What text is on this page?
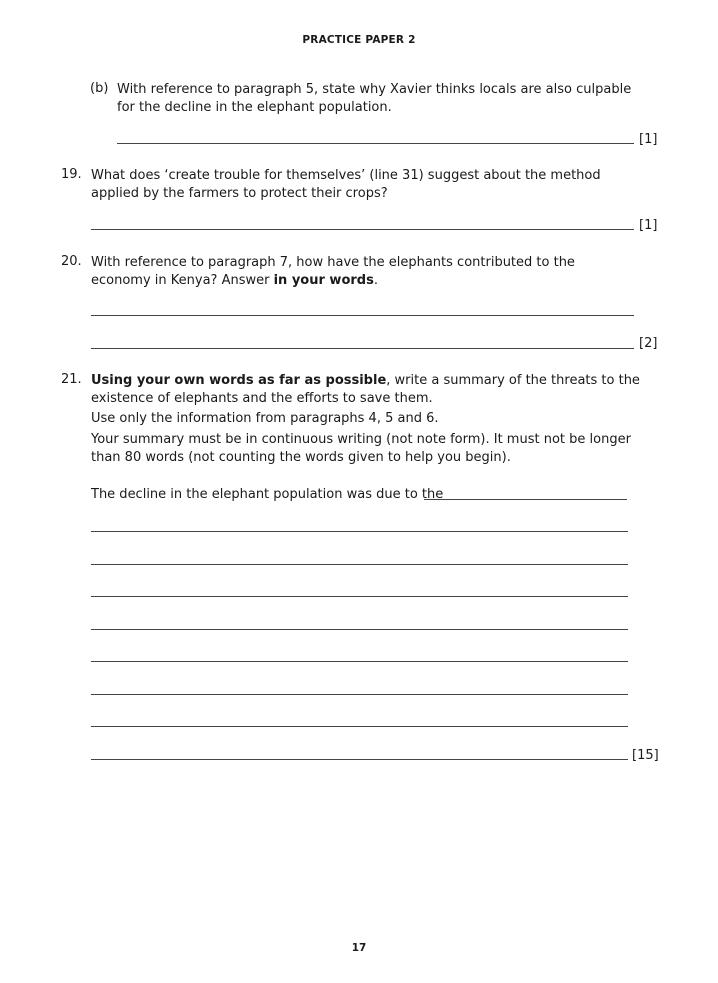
PRACTICE PAPER 2
(b) With reference to paragraph 5, state why Xavier thinks locals are also culpable for the decline in the elephant population.
[1]
19. What does ‘create trouble for themselves’ (line 31) suggest about the method applied by the farmers to protect their crops?
[1]
20. With reference to paragraph 7, how have the elephants contributed to the economy in Kenya? Answer in your words.
[2]
21. Using your own words as far as possible, write a summary of the threats to the existence of elephants and the efforts to save them.
Use only the information from paragraphs 4, 5 and 6.
Your summary must be in continuous writing (not note form). It must not be longer than 80 words (not counting the words given to help you begin).
The decline in the elephant population was due to the
[15]
17
